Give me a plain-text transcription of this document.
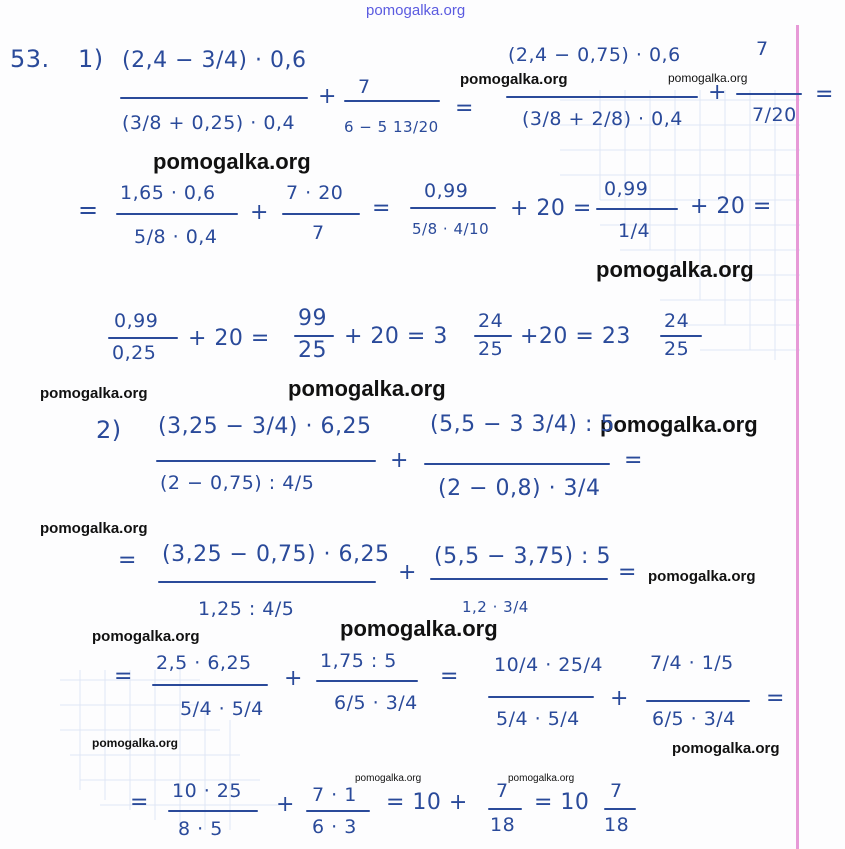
pomogalka.org
pomogalka.org	pomogalka.org
pomogalka.org
pomogalka.org
pomogalka.org	pomogalka.org
pomogalka.org
pomogalka.org
pomogalka.org
pomogalka.org	pomogalka.org
pomogalka.org	pomogalka.org
pomogalka.org	pomogalka.org
53. 1) (2,4 − 3/4) · 0,6
(3/8 + 0,25) · 0,4
+ 7
6 − 5 13/20
=
(2,4 − 0,75) · 0,6
(3/8 + 2/8) · 0,4
+
7
7/20
=
=
1,65 · 0,6
5/8 · 0,4
+
7 · 20
7
=
0,99
5/8 · 4/10
+ 20 =
0,99
1/4
+ 20 =
0,99
0,25
+ 20 =
99
25
+ 20 = 3
24
25 +20 = 23
24
25
2) (3,25 − 3/4) · 6,25
(2 − 0,75) : 4/5
+
(5,5 − 3 3/4) : 5
(2 − 0,8) · 3/4
=
= (3,25 − 0,75) · 6,25
1,25 : 4/5
+
(5,5 − 3,75) : 5
1,2 · 3/4
=
=
2,5 · 6,25
5/4 · 5/4
+
1,75 : 5
6/5 · 3/4
= 10/4 · 25/4
5/4 · 5/4
+
7/4 · 1/5
6/5 · 3/4
=
= 10 · 25
8 · 5
+ 7 · 1
6 · 3
= 10 + 7
18
= 10 7
18
